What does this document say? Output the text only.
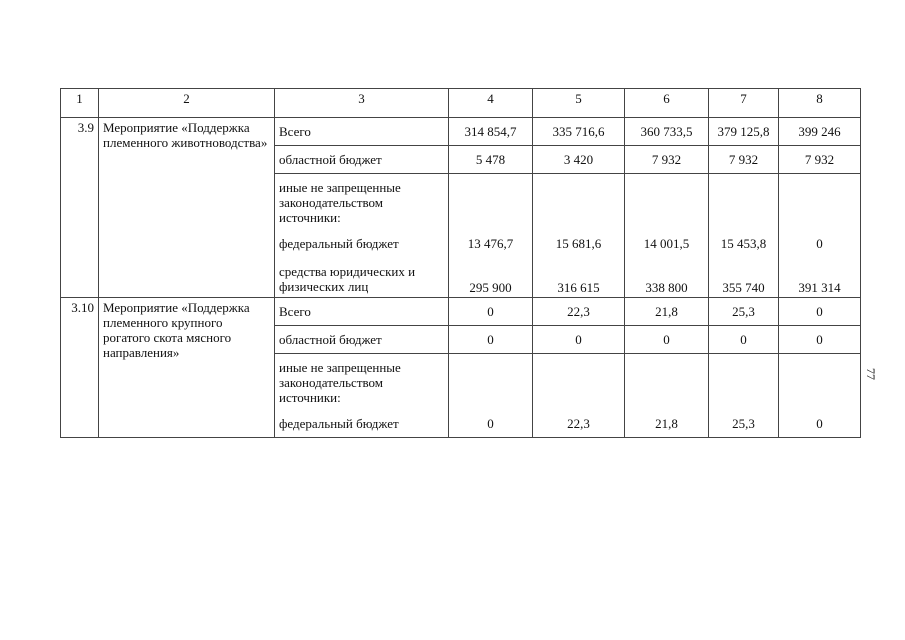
1	2	3	4	5	6	7	8
3.9	Мероприятие «Поддержка племенного животноводства»	Всего	314 854,7	335 716,6	360 733,5	379 125,8	399 246
		областной бюджет	5 478	3 420	7 932	7 932	7 932
		иные не запрещенные законодательством источники:					
		федеральный бюджет	13 476,7	15 681,6	14 001,5	15 453,8	0
		средства юридических и физических лиц	295 900	316 615	338 800	355 740	391 314
3.10	Мероприятие «Поддержка племенного крупного рогатого скота мясного направления»	Всего	0	22,3	21,8	25,3	0
		областной бюджет	0	0	0	0	0
		иные не запрещенные законодательством источники:					
		федеральный бюджет	0	22,3	21,8	25,3	0
77
